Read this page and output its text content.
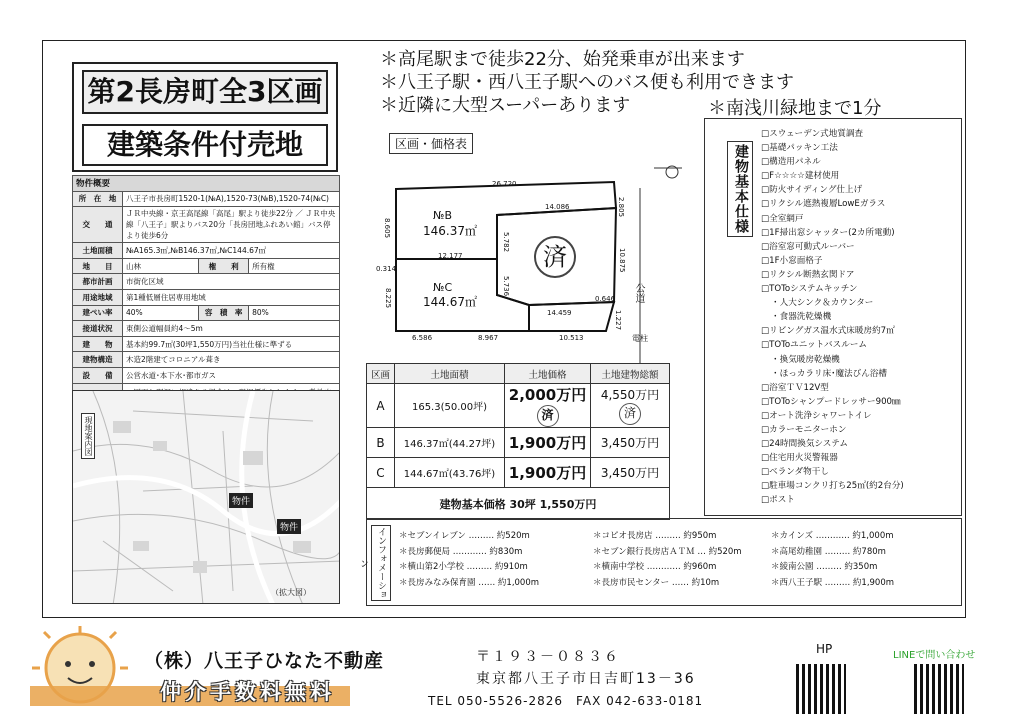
第2長房町全3区画
建築条件付売地
＊高尾駅まで徒歩22分、始発乗車が出来ます
＊八王子駅・西八王子駅へのバス便も利用できます
＊近隣に大型スーパーあります	＊南浅川緑地まで1分
物件概要			
所　在　地	八王子市長房町1520-1(№A),1520-73(№B),1520-74(№C)		
交　　通	ＪＲ中央線・京王高尾線「高尾」駅より徒歩22分 ／ ＪＲ中央線「八王子」駅よりバス20分「長房団地ふれあい館」バス停より徒歩6分		
土地面積	№A165.3㎡,№B146.37㎡,№C144.67㎡		
地　　目	山林	権　　利	所有権
都市計画	市街化区域		
用途地域	第1種低層住居専用地域		
建ぺい率	40%	容　積　率	80%
接道状況	東側公道幅員約4～5m		
建　　物	基本約99.7㎡(30坪1,550万円)当社仕様に準ずる		
建物構造	木造2階建てコロニアル葺き		
設　　備	公営水道･本下水･都市ガス		

現地案内図
物件
物件
（拡大図）
区画・価格表
№B
146.37㎡
№C
144.67㎡
済
公道
電柱
26.720
2.805
14.086
8.605
5.782
12.177	10.875
0.314
5.736
8.225
14.459
0.646
6.586	8.967	10.513
1.227
区画	土地面積	土地価格	土地建物総額
A	165.3(50.00坪)	2,000万円 済	4,550万円 済
B	146.37㎡(44.27坪)	1,900万円	3,450万円
C	144.67㎡(43.76坪)	1,900万円	3,450万円
建物基本価格 30坪 1,550万円			
建物基本仕様
□スウェーデン式地質調査
□基礎パッキン工法
□構造用パネル
□F☆☆☆☆建材使用
□防火サイディング仕上げ
□リクシル遮熱複層LowEガラス
□全室網戸
□1F掃出窓シャッター(2カ所電動)
□浴室窓可動式ルーバー
□1F小窓面格子
□リクシル断熱玄関ドア
□TOToシステムキッチン
・人大シンク＆カウンター
・食器洗乾燥機
□リビングガス温水式床暖房約7㎡
□TOToユニットバスルーム
・換気暖房乾燥機
・ほっカラリ床･魔法びん浴槽
□浴室ＴＶ12V型
□TOToシャンプードレッサー900㎜
□オート洗浄シャワートイレ
□カラーモニターホン
□24時間換気システム
□住宅用火災警報器
□ベランダ物干し
□駐車場コンクリ打ち25㎡(約2台分)
□ポスト
インフォメーション
＊セブンイレブン ……… 約520m
＊長房郵便局 ………… 約830m
＊横山第2小学校 ……… 約910m
＊長房みなみ保育園 …… 約1,000m
＊コピオ長房店 ……… 約950m
＊セブン銀行長房店ＡＴＭ … 約520m
＊横南中学校 ………… 約960m
＊長房市民センター …… 約10m
＊カインズ ………… 約1,000m
＊高尾幼稚園 ……… 約780m
＊綾南公園 ……… 約350m
＊西八王子駅 ……… 約1,900m
（株）八王子ひなた不動産
仲介手数料無料
〒１９３－０８３６
東京都八王子市日吉町13－36
TEL 050-5526-2826　FAX 042-633-0181
HP	LINEで問い合わせ
